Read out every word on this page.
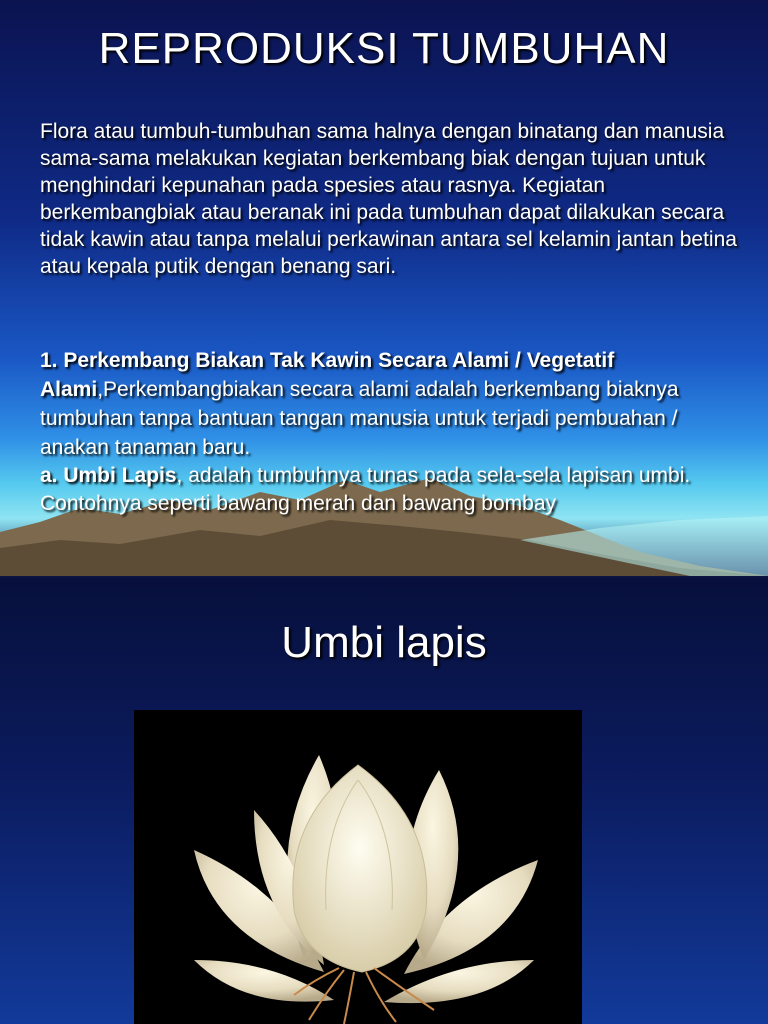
REPRODUKSI TUMBUHAN

Flora atau tumbuh-tumbuhan sama halnya dengan binatang dan manusia sama-sama melakukan kegiatan berkembang biak dengan tujuan untuk menghindari kepunahan pada spesies atau rasnya. Kegiatan berkembangbiak atau beranak ini pada tumbuhan dapat dilakukan secara tidak kawin atau tanpa melalui perkawinan antara sel kelamin jantan betina atau kepala putik dengan benang sari.

1. Perkembang Biakan Tak Kawin Secara Alami / Vegetatif Alami,Perkembangbiakan secara alami adalah berkembang biaknya tumbuhan tanpa bantuan tangan manusia untuk terjadi pembuahan / anakan tanaman baru.

a. Umbi Lapis, adalah tumbuhnya tunas pada sela-sela lapisan umbi. Contohnya seperti bawang merah dan bawang bombay

Umbi lapis
